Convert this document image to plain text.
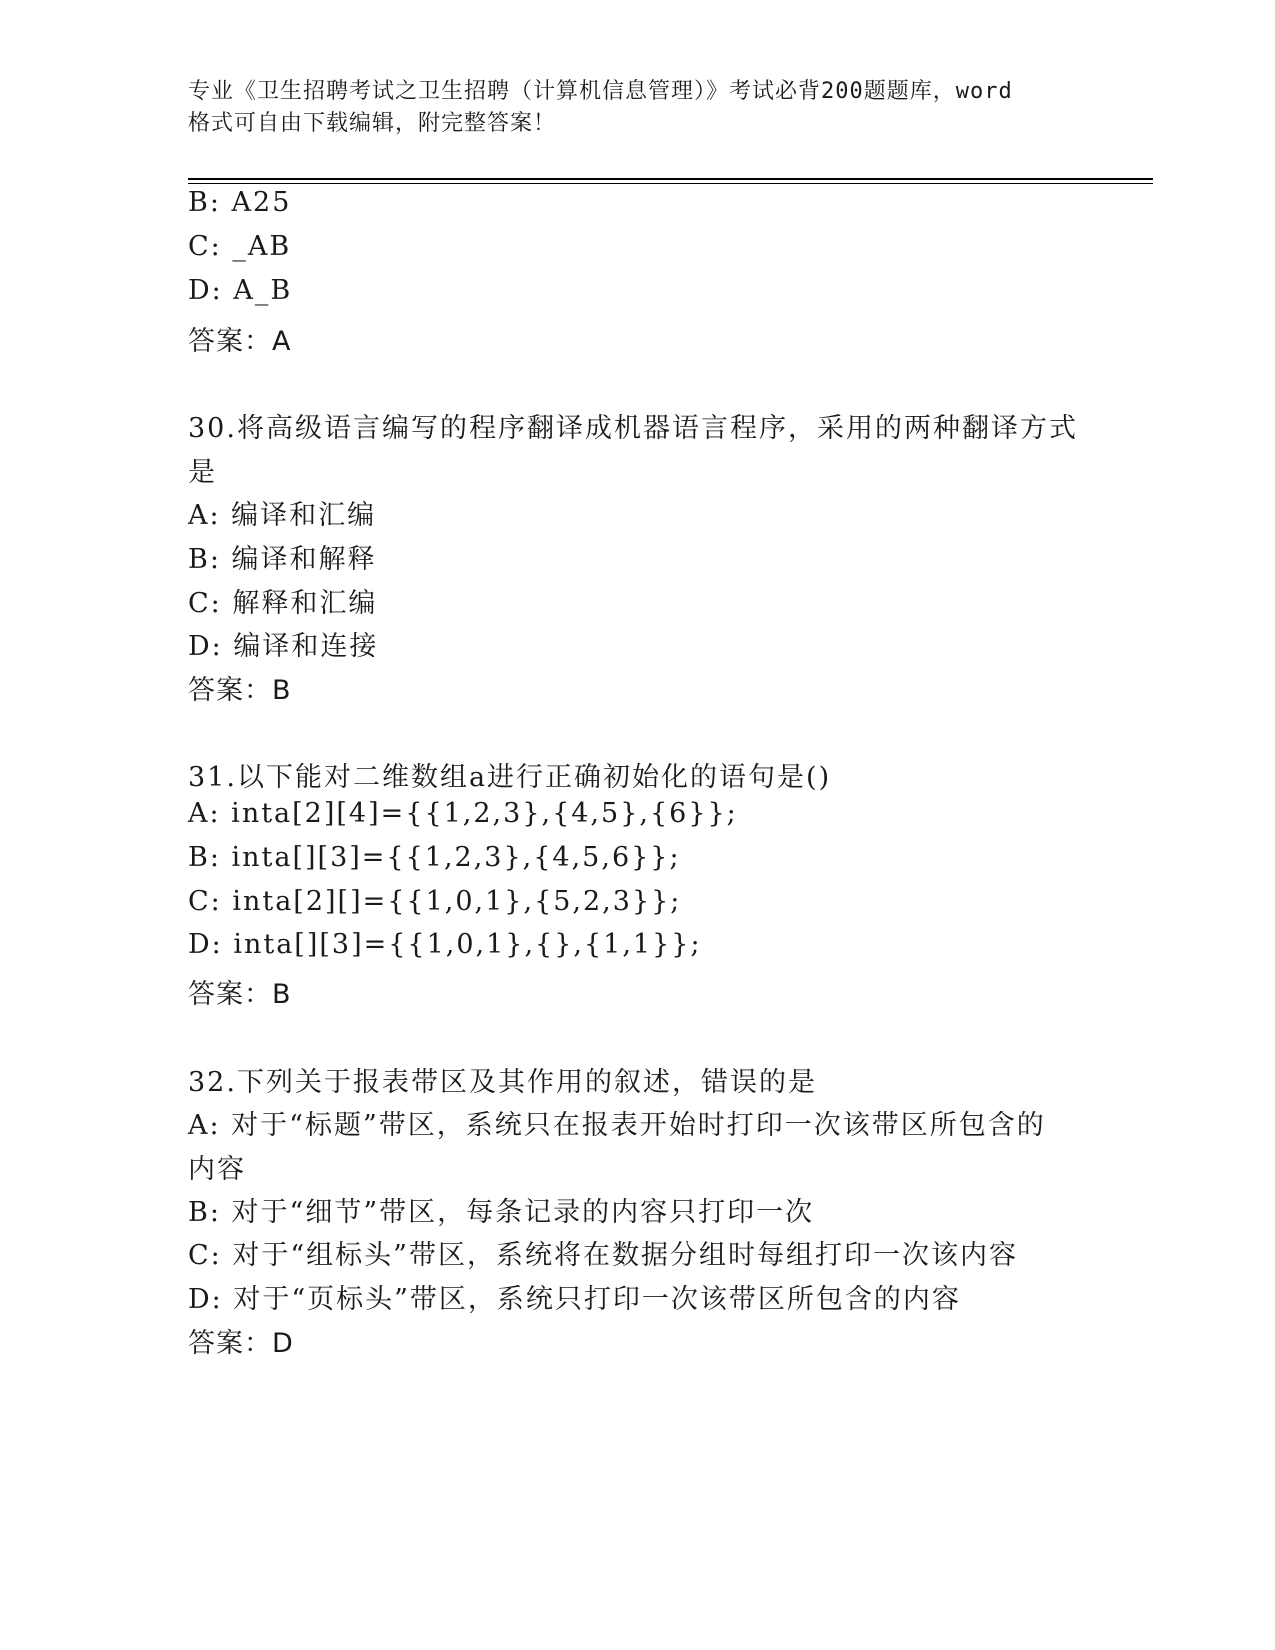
专业《卫生招聘考试之卫生招聘（计算机信息管理）》考试必背200题题库，word
格式可自由下载编辑，附完整答案！
B: A25
C: _AB
D: A_B
答案：A
30.将高级语言编写的程序翻译成机器语言程序，采用的两种翻译方式
是
A: 编译和汇编
B: 编译和解释
C: 解释和汇编
D: 编译和连接
答案：B
31.以下能对二维数组a进行正确初始化的语句是()
A: inta[2][4]={{1,2,3},{4,5},{6}};
B: inta[][3]={{1,2,3},{4,5,6}};
C: inta[2][]={{1,0,1},{5,2,3}};
D: inta[][3]={{1,0,1},{},{1,1}};
答案：B
32.下列关于报表带区及其作用的叙述，错误的是
A: 对于“标题”带区，系统只在报表开始时打印一次该带区所包含的
内容
B: 对于“细节”带区，每条记录的内容只打印一次
C: 对于“组标头”带区，系统将在数据分组时每组打印一次该内容
D: 对于“页标头”带区，系统只打印一次该带区所包含的内容
答案：D
